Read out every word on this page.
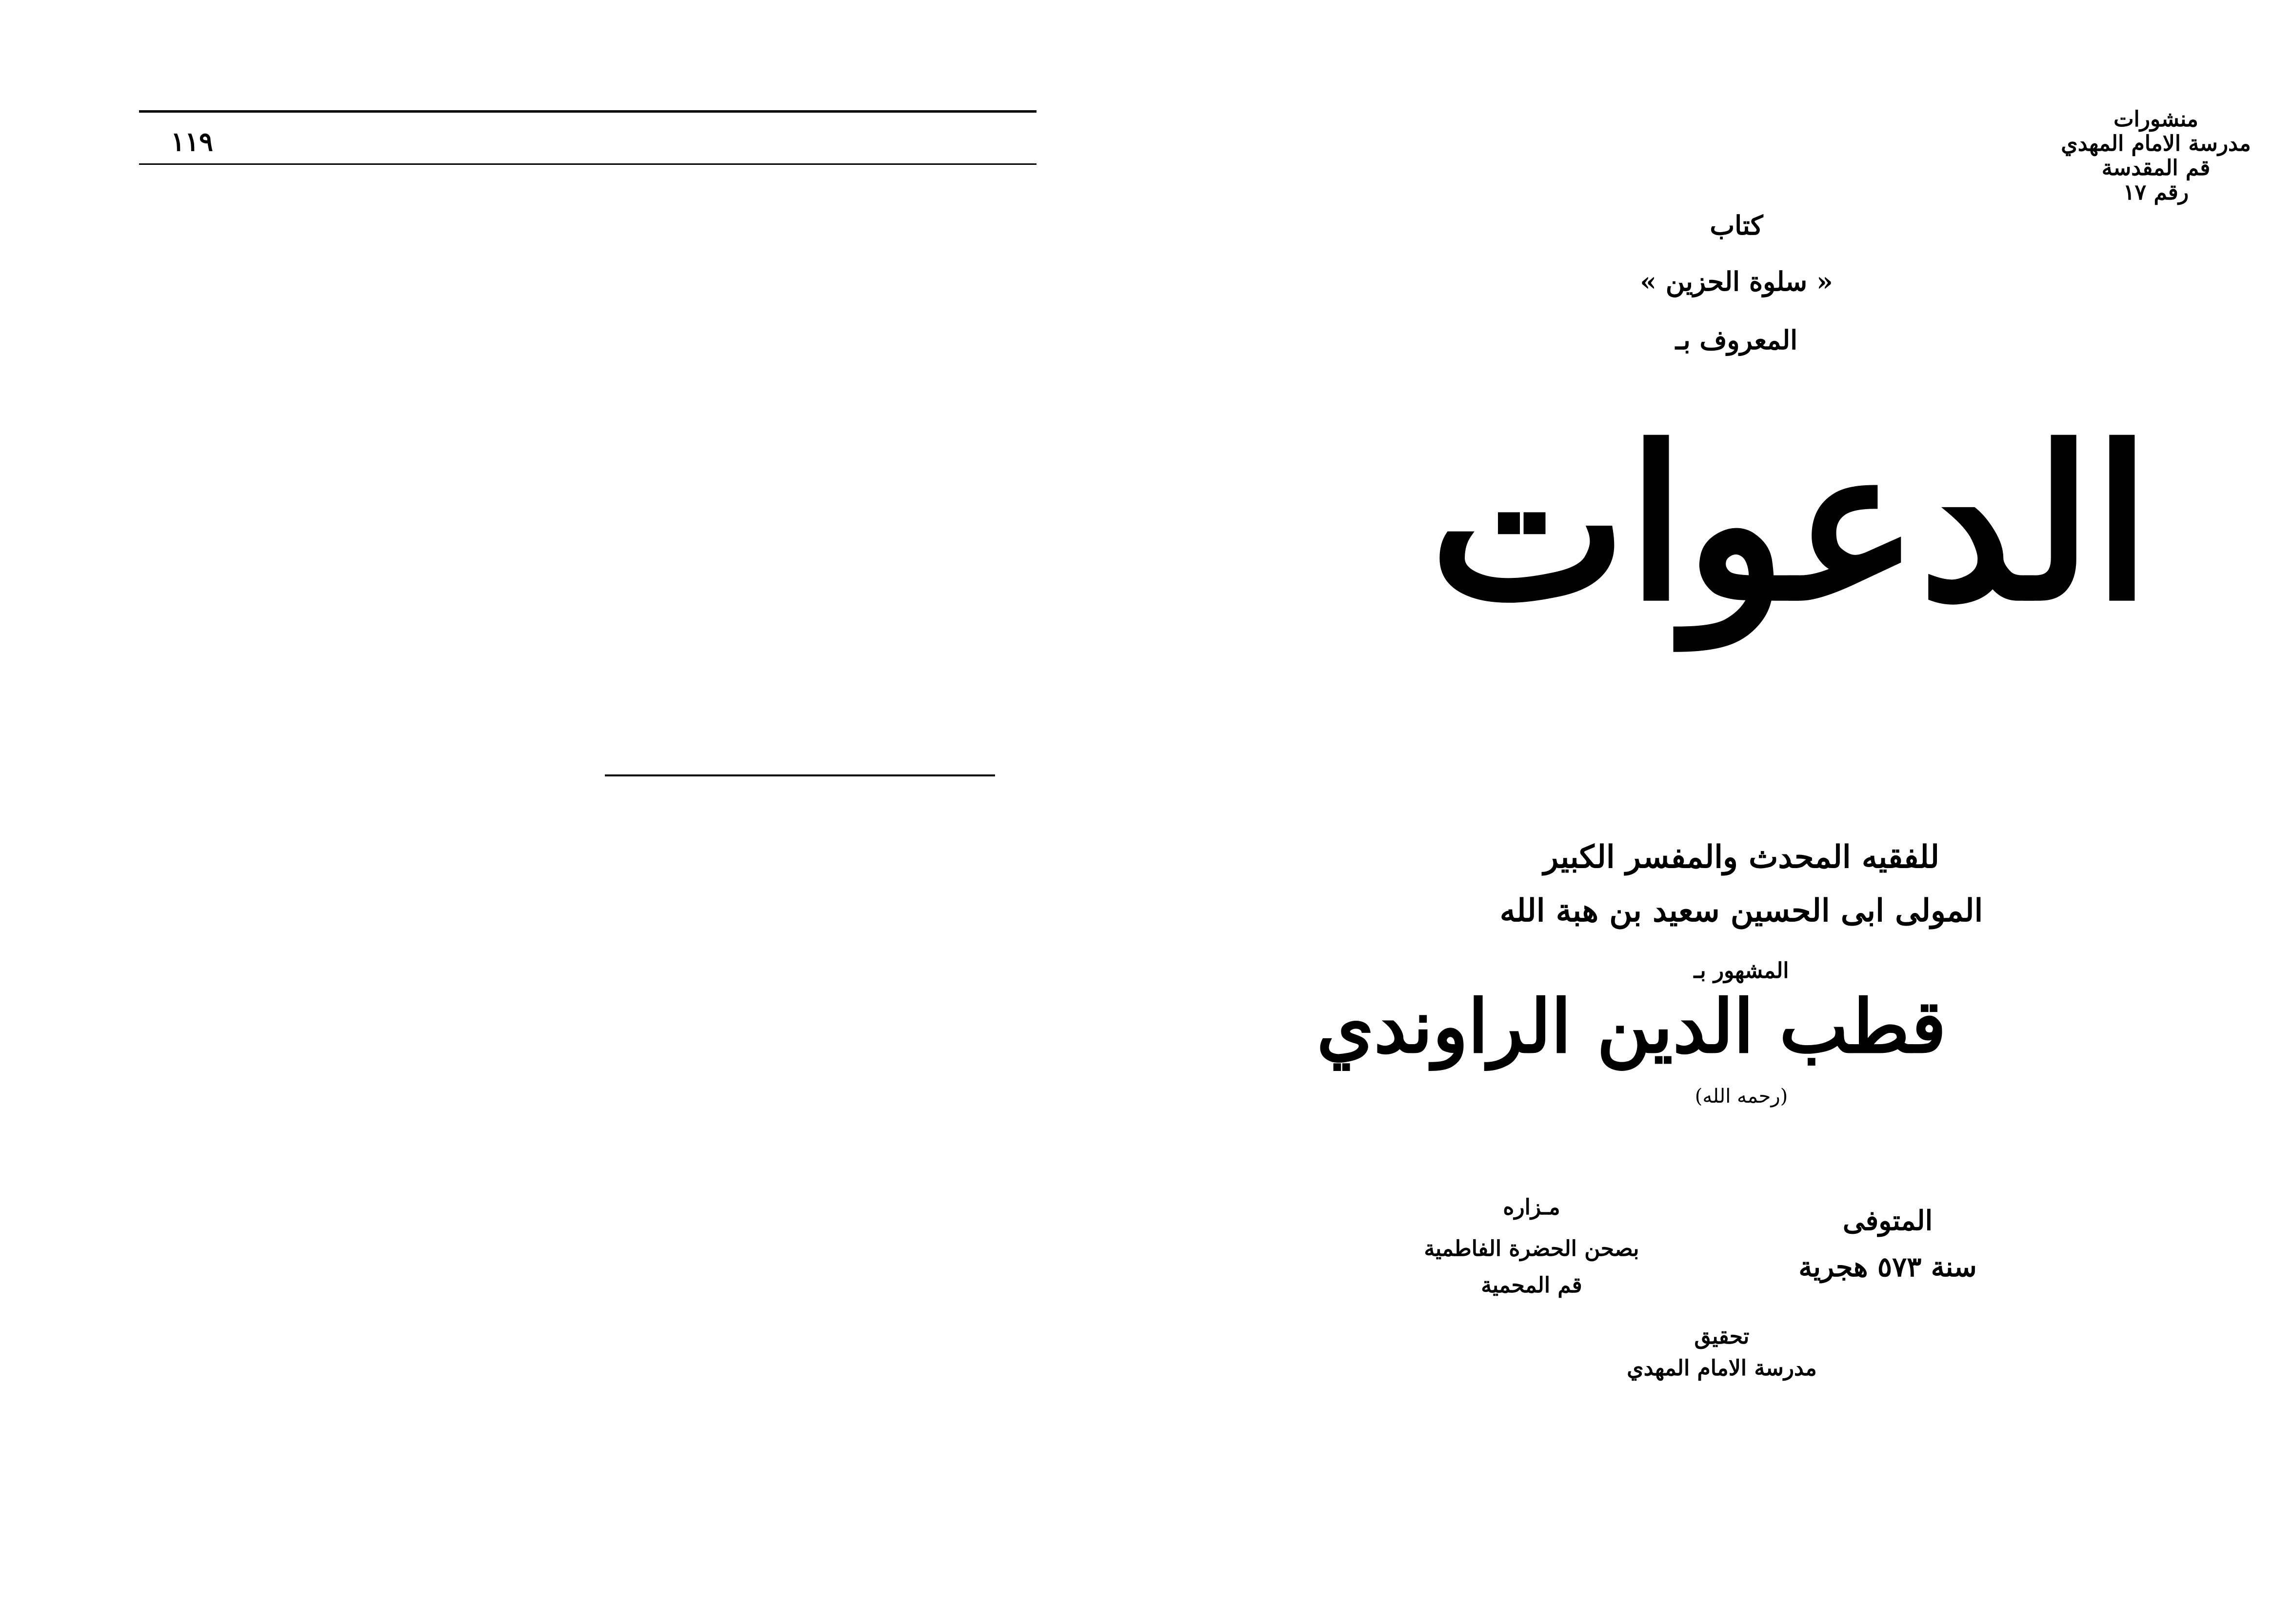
١١٩
منشورات
مدرسة الامام المهدي
قم المقدسة
رقم ١٧
كتاب
« سلوة الحزين »
المعروف بـ
الدعوات
للفقيه المحدث والمفسر الكبير
المولى ابى الحسين سعيد بن هبة الله
المشهور بـ
قطب الدين الراوندي
(رحمه الله)
المتوفى
سنة ٥٧٣ هجرية
مـزاره
بصحن الحضرة الفاطمية
قم المحمية
تحقيق
مدرسة الامام المهدي
